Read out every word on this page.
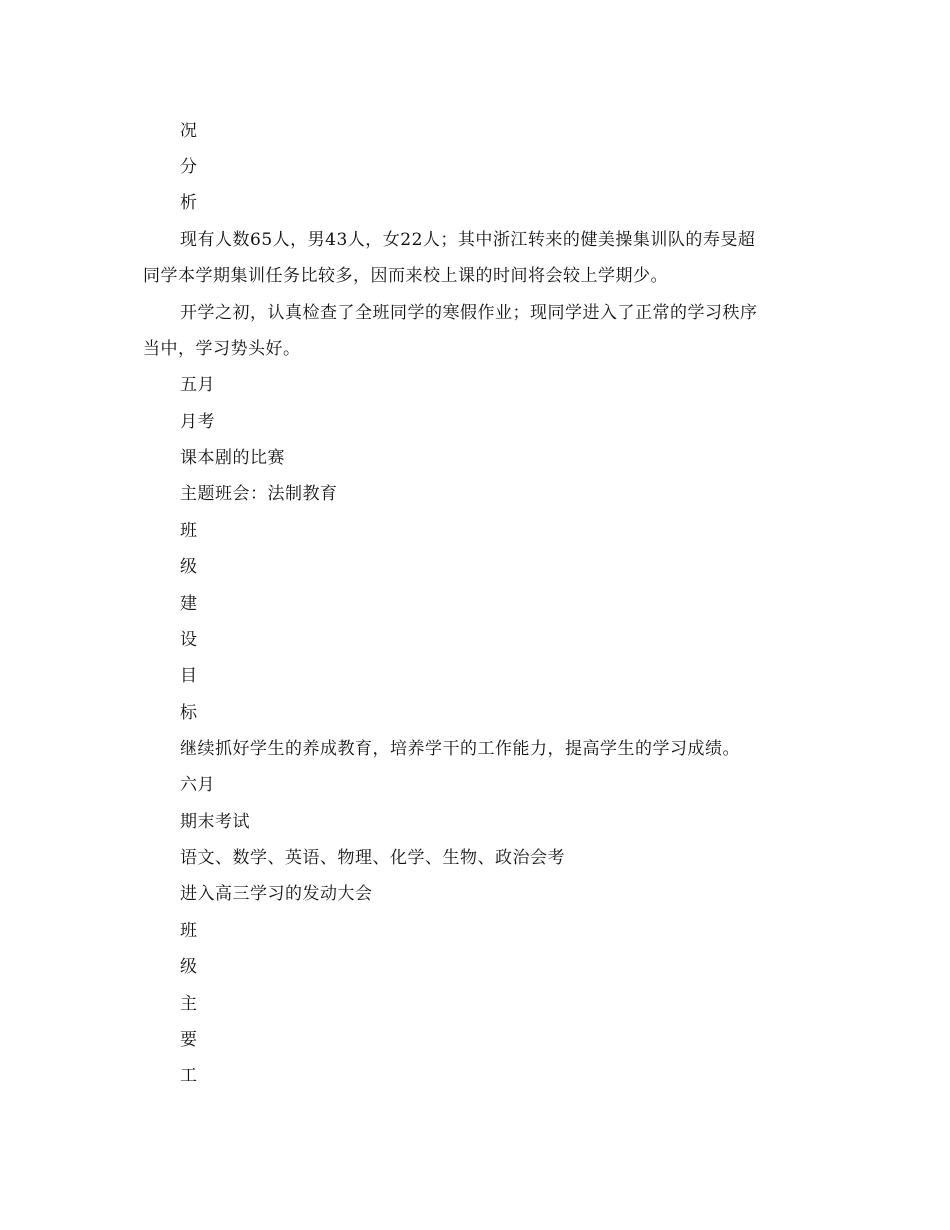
况
分
析
现有人数65人，男43人，女22人；其中浙江转来的健美操集训队的寿旻超
同学本学期集训任务比较多，因而来校上课的时间将会较上学期少。
开学之初，认真检查了全班同学的寒假作业；现同学进入了正常的学习秩序
当中，学习势头好。
五月
月考
课本剧的比赛
主题班会：法制教育
班
级
建
设
目
标
继续抓好学生的养成教育，培养学干的工作能力，提高学生的学习成绩。
六月
期末考试
语文、数学、英语、物理、化学、生物、政治会考
进入高三学习的发动大会
班
级
主
要
工
